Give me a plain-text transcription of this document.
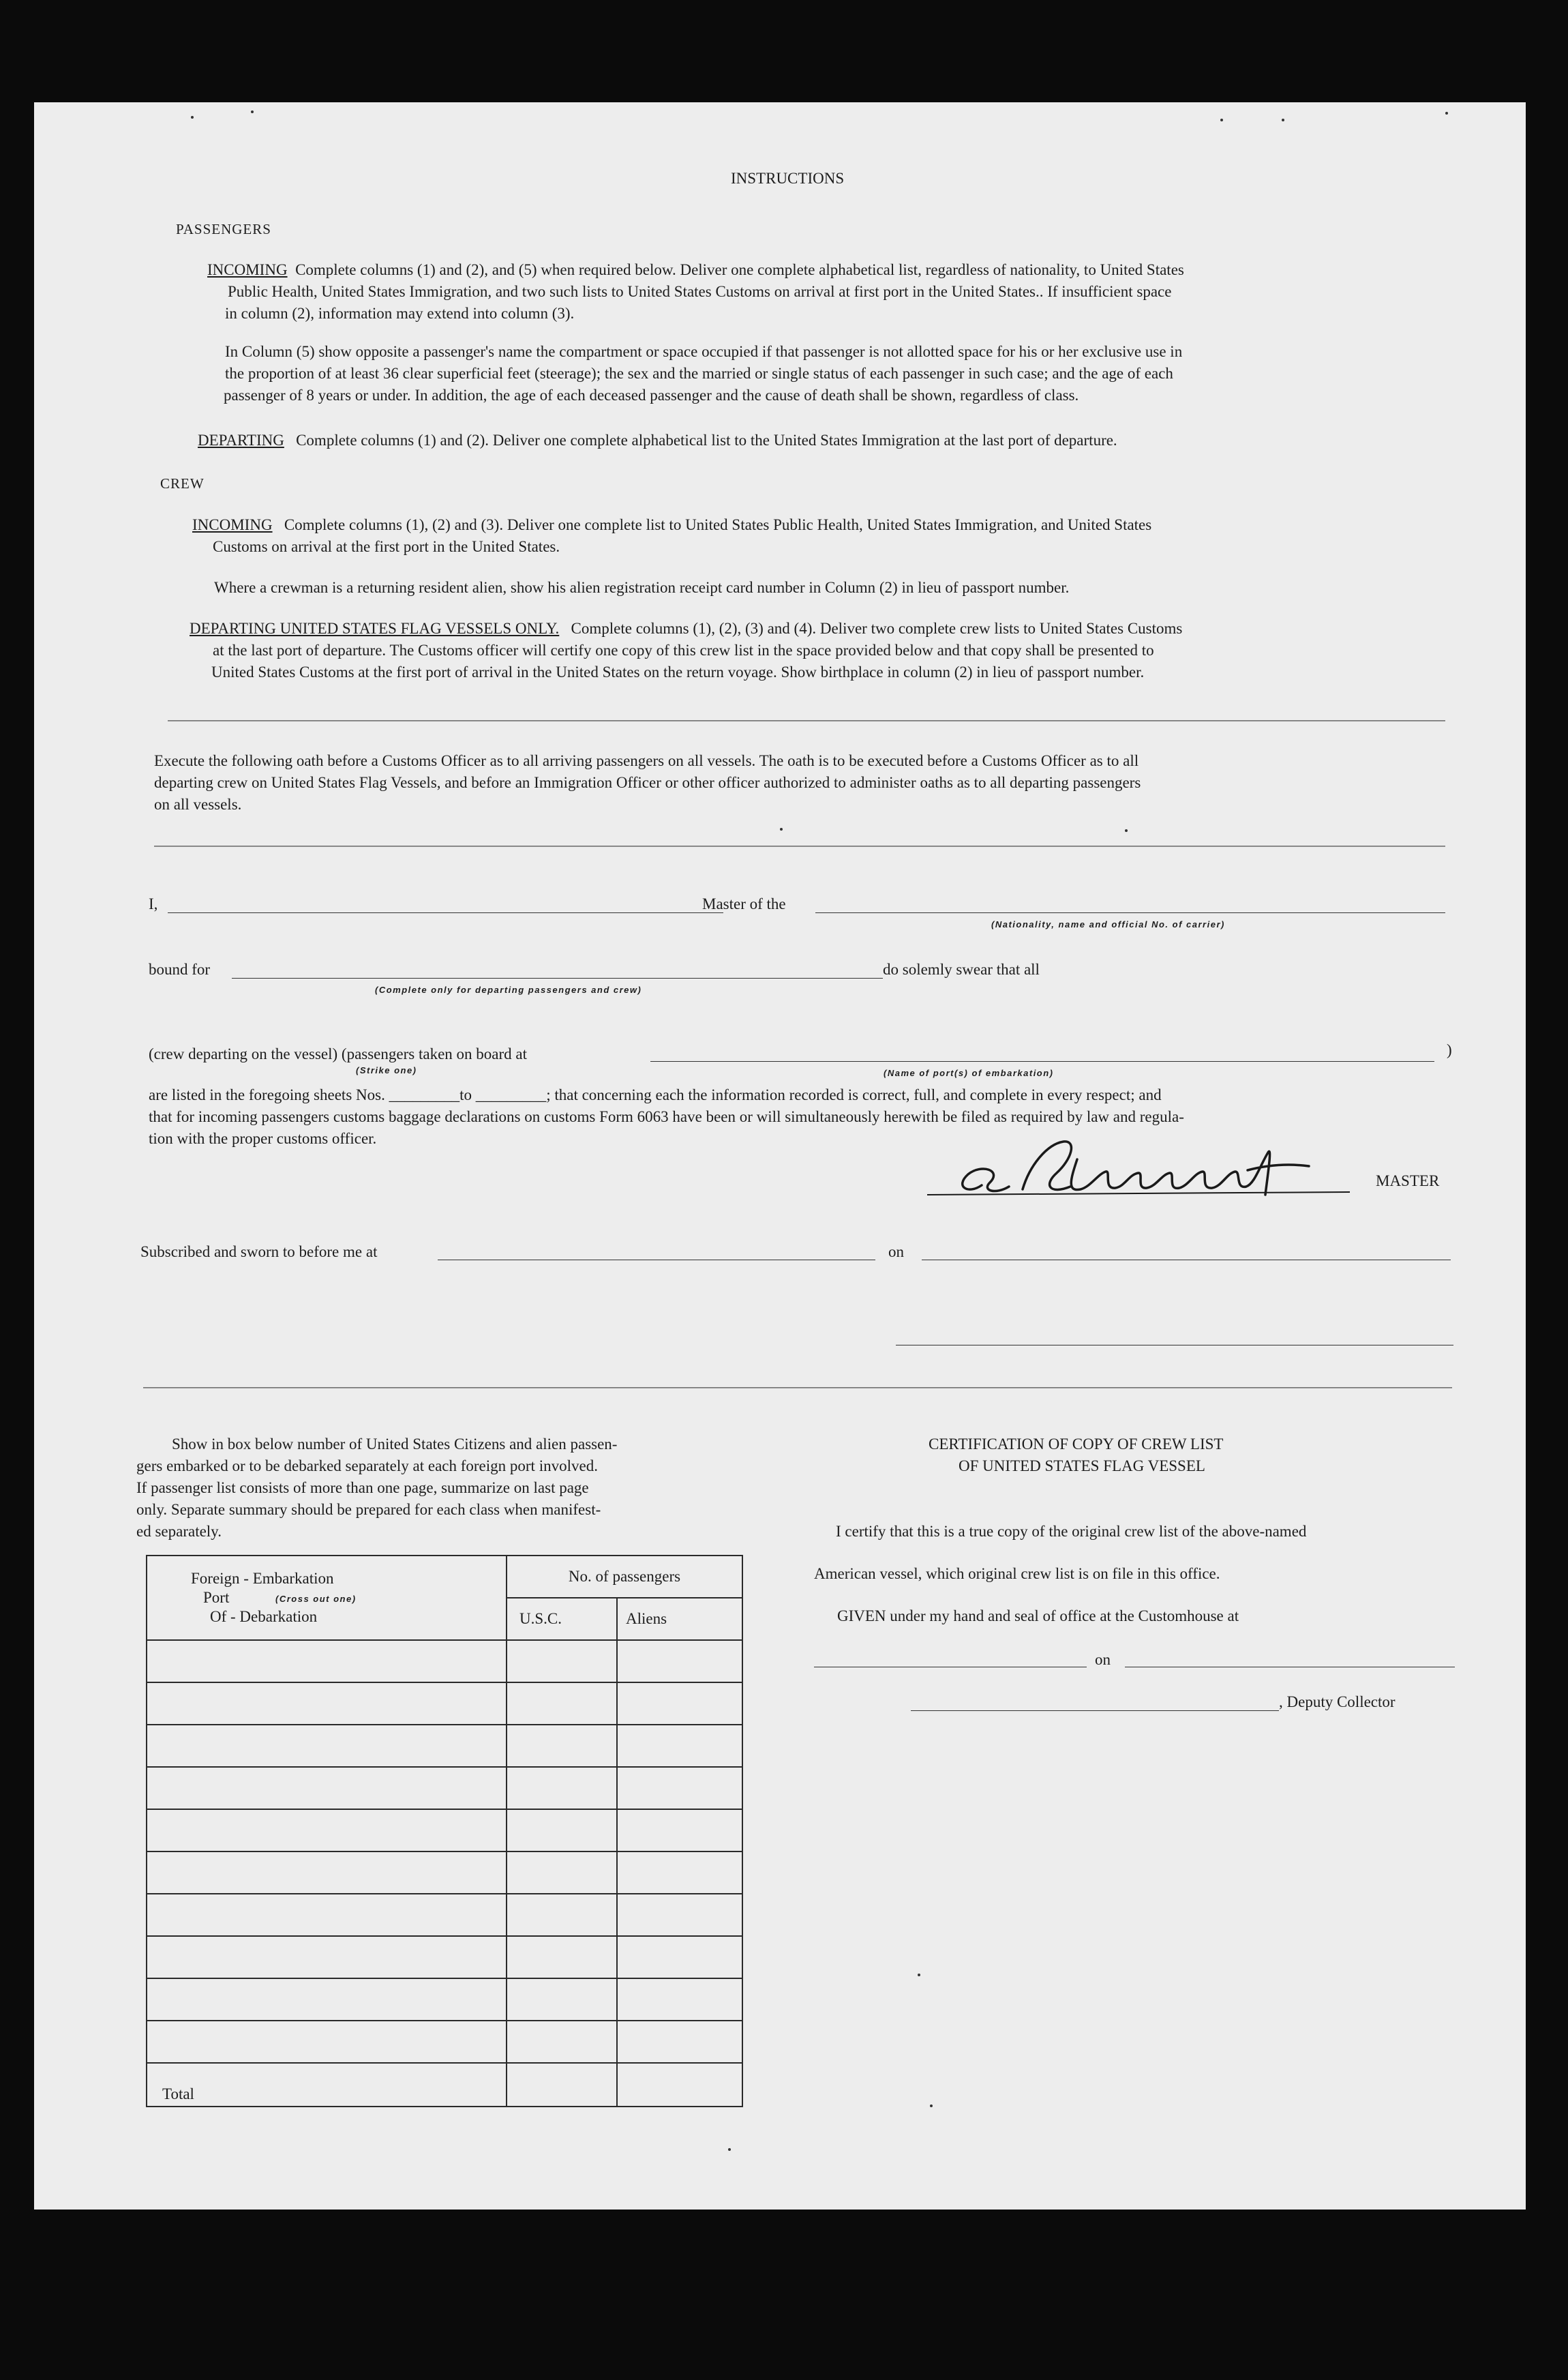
INSTRUCTIONS
PASSENGERS
INCOMING Complete columns (1) and (2), and (5) when required below. Deliver one complete alphabetical list, regardless of nationality, to United States
Public Health, United States Immigration, and two such lists to United States Customs on arrival at first port in the United States.. If insufficient space
in column (2), information may extend into column (3).
In Column (5) show opposite a passenger's name the compartment or space occupied if that passenger is not allotted space for his or her exclusive use in
the proportion of at least 36 clear superficial feet (steerage); the sex and the married or single status of each passenger in such case; and the age of each
passenger of 8 years or under. In addition, the age of each deceased passenger and the cause of death shall be shown, regardless of class.
DEPARTING Complete columns (1) and (2). Deliver one complete alphabetical list to the United States Immigration at the last port of departure.
CREW
INCOMING Complete columns (1), (2) and (3). Deliver one complete list to United States Public Health, United States Immigration, and United States
Customs on arrival at the first port in the United States.
Where a crewman is a returning resident alien, show his alien registration receipt card number in Column (2) in lieu of passport number.
DEPARTING UNITED STATES FLAG VESSELS ONLY. Complete columns (1), (2), (3) and (4). Deliver two complete crew lists to United States Customs
at the last port of departure. The Customs officer will certify one copy of this crew list in the space provided below and that copy shall be presented to
United States Customs at the first port of arrival in the United States on the return voyage. Show birthplace in column (2) in lieu of passport number.
Execute the following oath before a Customs Officer as to all arriving passengers on all vessels. The oath is to be executed before a Customs Officer as to all
departing crew on United States Flag Vessels, and before an Immigration Officer or other officer authorized to administer oaths as to all departing passengers
on all vessels.
I,	Master of the
(Nationality, name and official No. of carrier)
bound for
(Complete only for departing passengers and crew)
do solemly swear that all
(crew departing on the vessel) (passengers taken on board at
(Strike one)
)
(Name of port(s) of embarkation)
are listed in the foregoing sheets Nos. _________to _________; that concerning each the information recorded is correct, full, and complete in every respect; and
that for incoming passengers customs baggage declarations on customs Form 6063 have been or will simultaneously herewith be filed as required by law and regula-
tion with the proper customs officer.
MASTER
Subscribed and sworn to before me at	on
Show in box below number of United States Citizens and alien passen-
gers embarked or to be debarked separately at each foreign port involved.
If passenger list consists of more than one page, summarize on last page
only. Separate summary should be prepared for each class when manifest-
ed separately.
Foreign - Embarkation
Port (Cross out one)
Of - Debarkation	No. of passengers	
	U.S.C.	Aliens

Total		
CERTIFICATION OF COPY OF CREW LIST
OF UNITED STATES FLAG VESSEL
I certify that this is a true copy of the original crew list of the above-named
American vessel, which original crew list is on file in this office.
GIVEN under my hand and seal of office at the Customhouse at
on
, Deputy Collector
